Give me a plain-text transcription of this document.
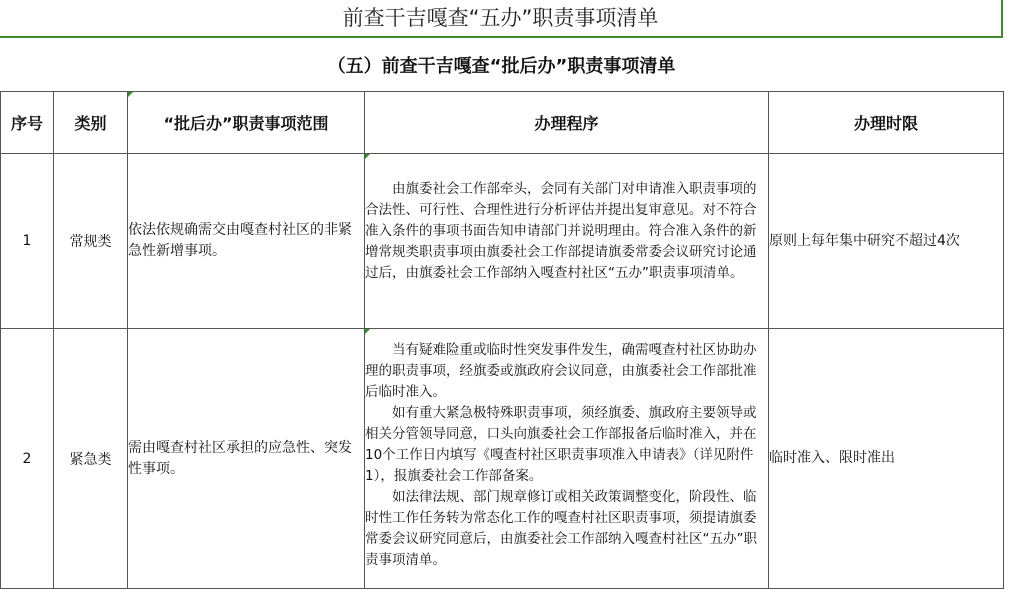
前查干吉嘎查“五办”职责事项清单
（五）前查干吉嘎查“批后办”职责事项清单
序号	类别	“批后办”职责事项范围	办理程序	办理时限
1	常规类	依法依规确需交由嘎查村社区的非紧急性新增事项。	由旗委社会工作部牵头，会同有关部门对申请准入职责事项的合法性、可行性、合理性进行分析评估并提出复审意见。对不符合准入条件的事项书面告知申请部门并说明理由。符合准入条件的新增常规类职责事项由旗委社会工作部提请旗委常委会议研究讨论通过后，由旗委社会工作部纳入嘎查村社区“五办”职责事项清单。	原则上每年集中研究不超过4次
2	紧急类	需由嘎查村社区承担的应急性、突发性事项。	当有疑难险重或临时性突发事件发生，确需嘎查村社区协助办理的职责事项，经旗委或旗政府会议同意，由旗委社会工作部批准后临时准入。

如有重大紧急极特殊职责事项，须经旗委、旗政府主要领导或相关分管领导同意，口头向旗委社会工作部报备后临时准入，并在10个工作日内填写《嘎查村社区职责事项准入申请表》（详见附件1），报旗委社会工作部备案。

如法律法规、部门规章修订或相关政策调整变化，阶段性、临时性工作任务转为常态化工作的嘎查村社区职责事项，须提请旗委常委会议研究同意后，由旗委社会工作部纳入嘎查村社区“五办”职责事项清单。	临时准入、限时准出
